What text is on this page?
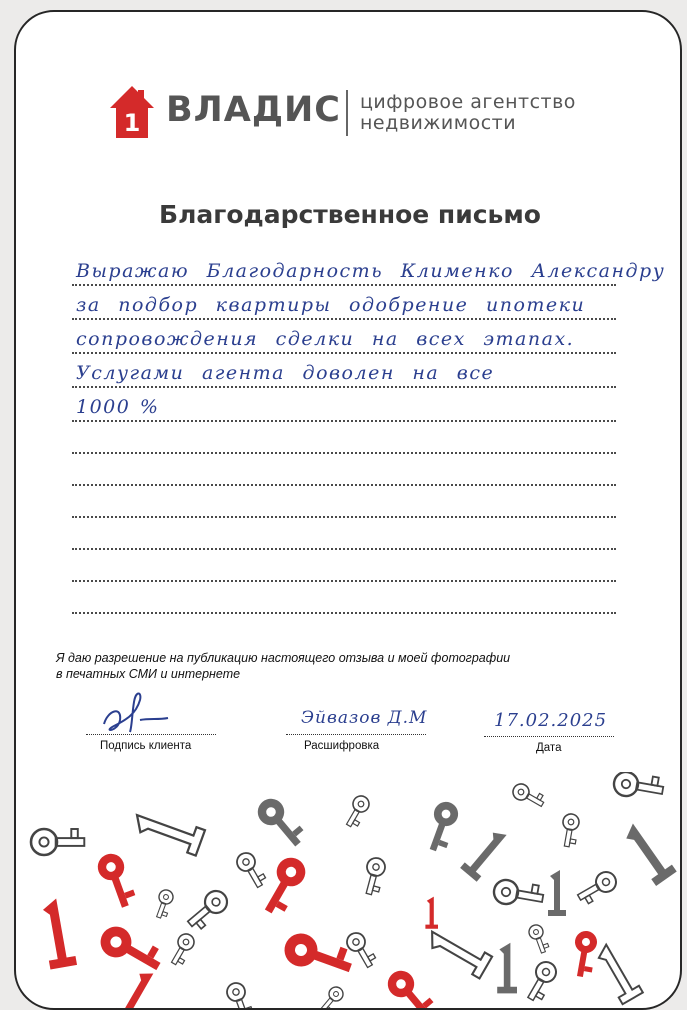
1 ВЛАДИС цифровое агентство
недвижимости
Благодарственное письмо
Выражаю Благодарность Клименко Александру
за подбор квартиры одобрение ипотеки
сопровождения сделки на всех этапах.
Услугами агента доволен на все
1000 %
Я даю разрешение на публикацию настоящего отзыва и моей фотографии
в печатных СМИ и интернете
Подпись клиента
Эйвазов Д.М
Расшифровка
17.02.2025
Дата
